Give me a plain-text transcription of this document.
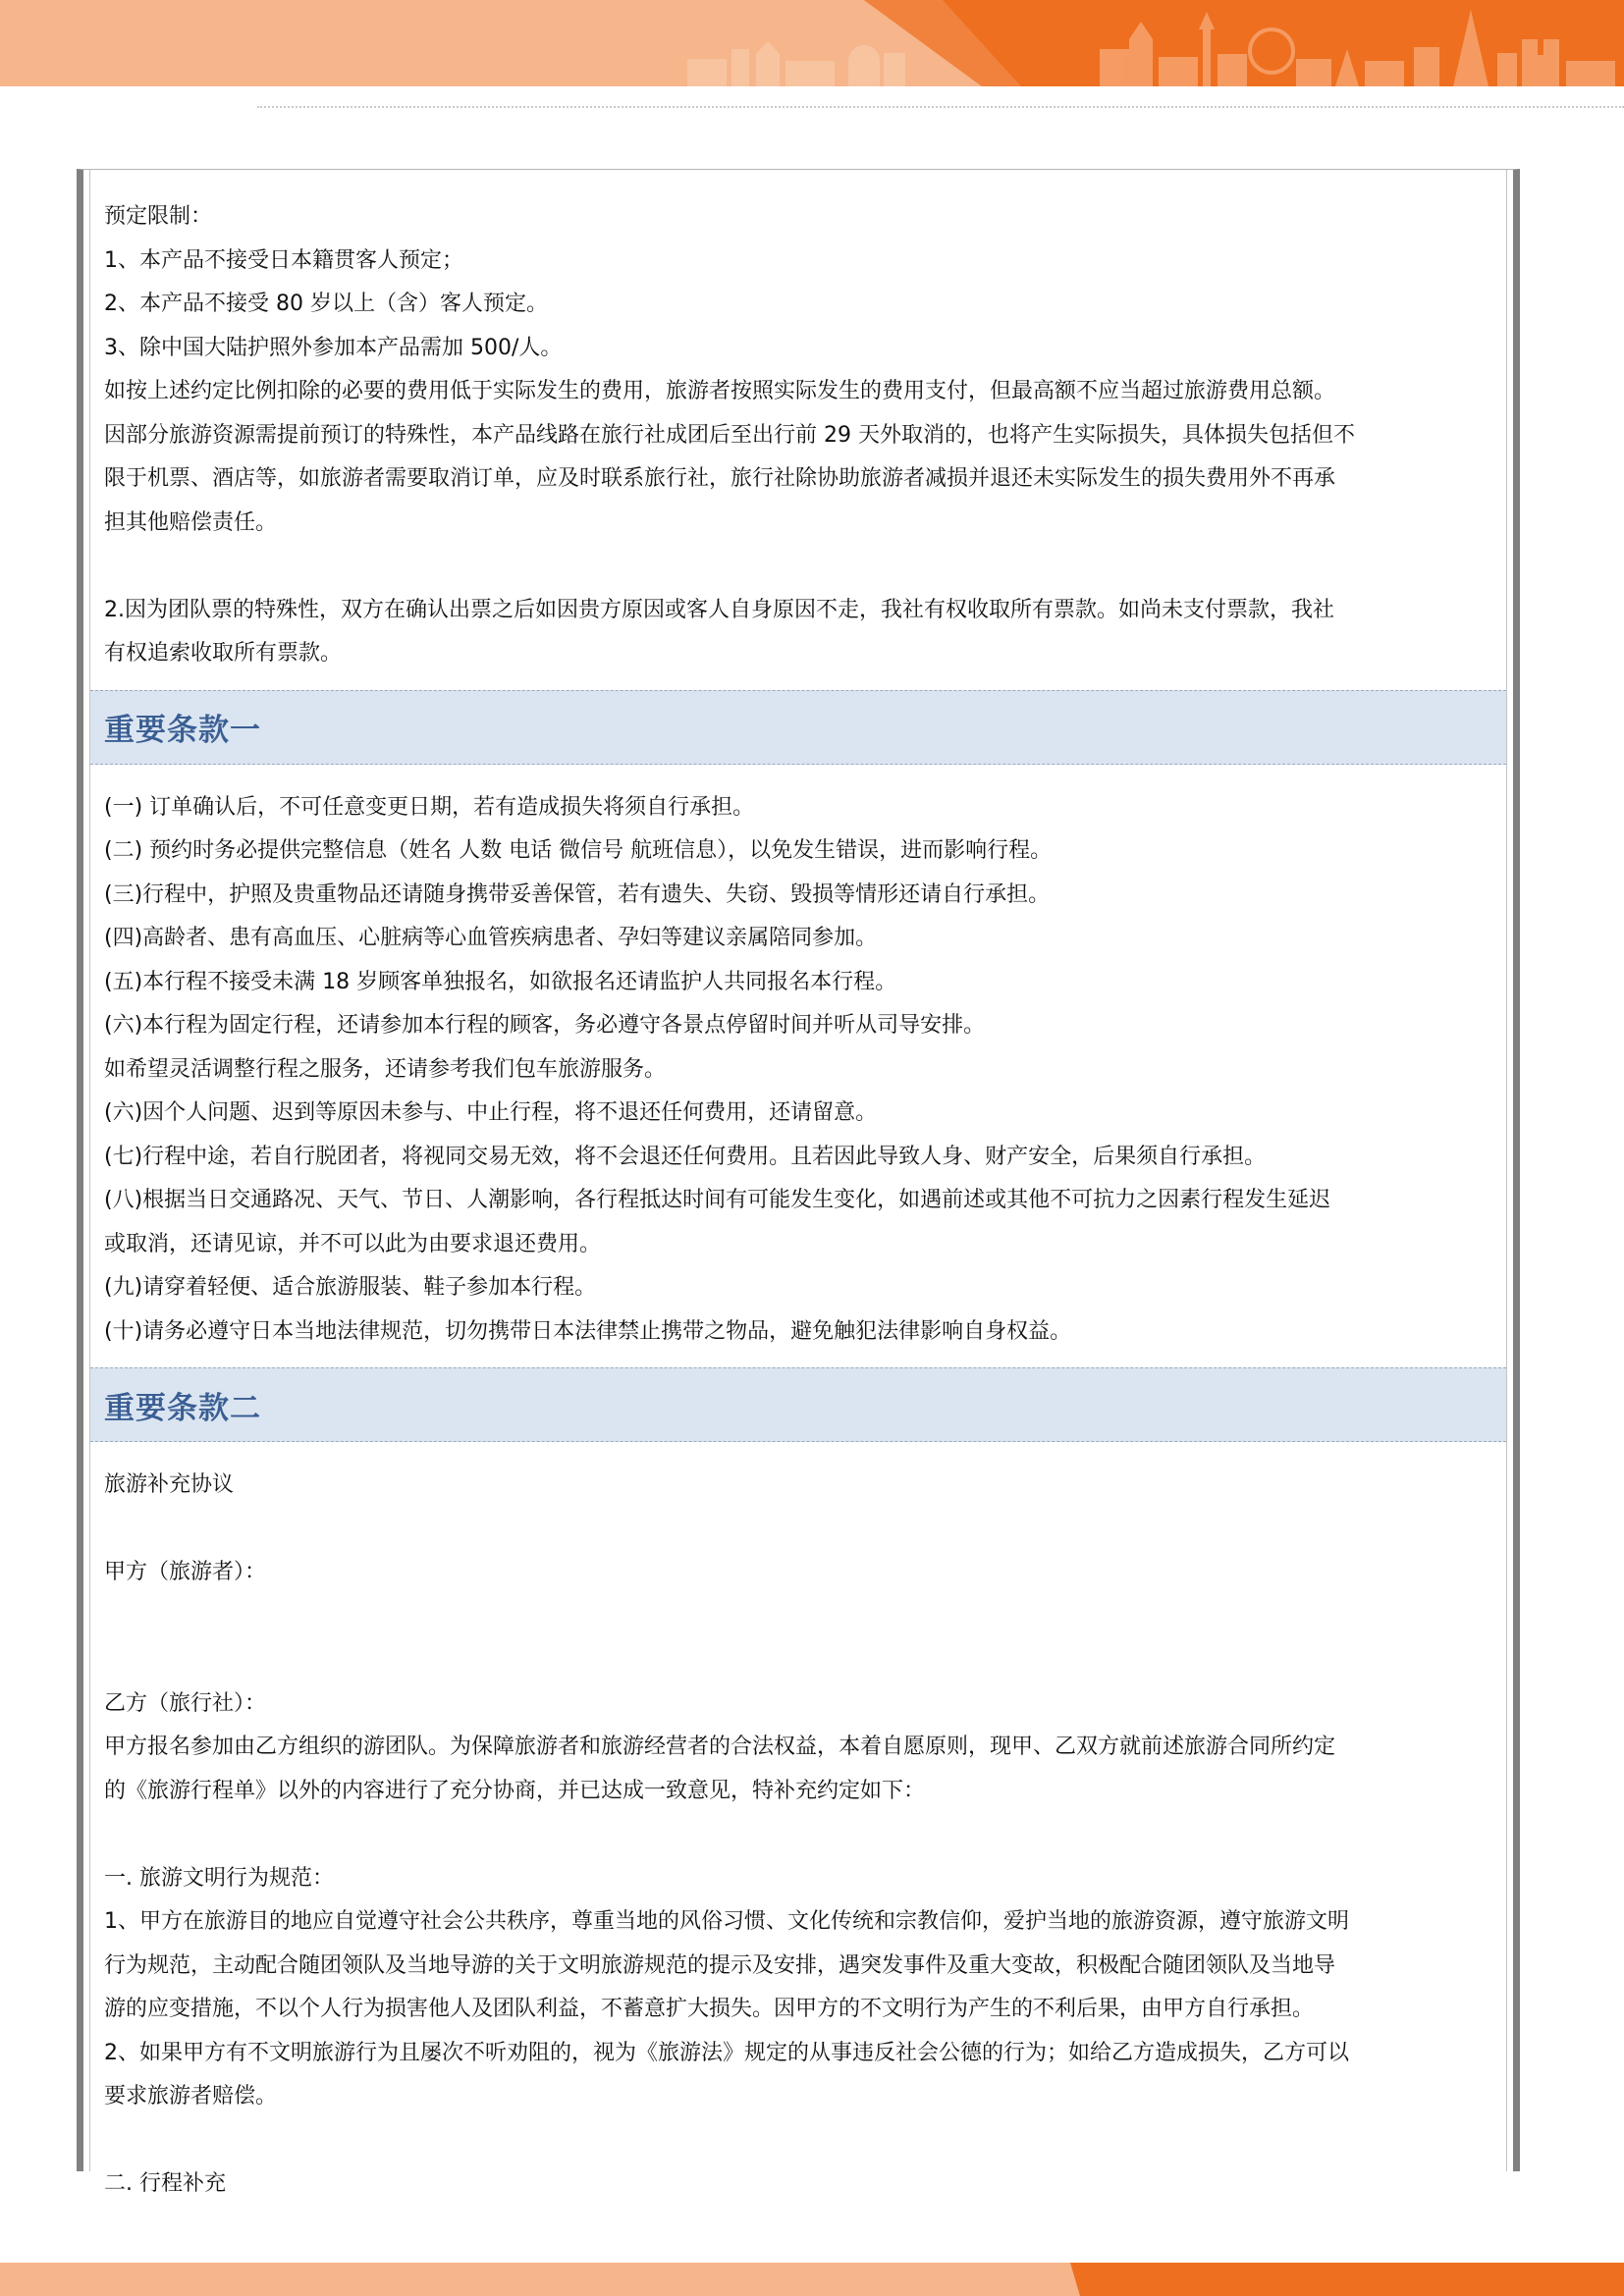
预定限制：

1、本产品不接受日本籍贯客人预定；

2、本产品不接受 80 岁以上（含）客人预定。

3、除中国大陆护照外参加本产品需加 500/人。

如按上述约定比例扣除的必要的费用低于实际发生的费用，旅游者按照实际发生的费用支付，但最高额不应当超过旅游费用总额。

因部分旅游资源需提前预订的特殊性，本产品线路在旅行社成团后至出行前 29 天外取消的，也将产生实际损失，具体损失包括但不

限于机票、酒店等，如旅游者需要取消订单，应及时联系旅行社，旅行社除协助旅游者减损并退还未实际发生的损失费用外不再承

担其他赔偿责任。

2.因为团队票的特殊性，双方在确认出票之后如因贵方原因或客人自身原因不走，我社有权收取所有票款。如尚未支付票款，我社

有权追索收取所有票款。

重要条款一

(一) 订单确认后，不可任意变更日期，若有造成损失将须自行承担。

(二) 预约时务必提供完整信息（姓名 人数 电话 微信号 航班信息），以免发生错误，进而影响行程。

(三)行程中，护照及贵重物品还请随身携带妥善保管，若有遗失、失窃、毁损等情形还请自行承担。

(四)高龄者、患有高血压、心脏病等心血管疾病患者、孕妇等建议亲属陪同参加。

(五)本行程不接受未满 18 岁顾客单独报名，如欲报名还请监护人共同报名本行程。

(六)本行程为固定行程，还请参加本行程的顾客，务必遵守各景点停留时间并听从司导安排。

如希望灵活调整行程之服务，还请参考我们包车旅游服务。

(六)因个人问题、迟到等原因未参与、中止行程，将不退还任何费用，还请留意。

(七)行程中途，若自行脱团者，将视同交易无效，将不会退还任何费用。且若因此导致人身、财产安全，后果须自行承担。

(八)根据当日交通路况、天气、节日、人潮影响，各行程抵达时间有可能发生变化，如遇前述或其他不可抗力之因素行程发生延迟

或取消，还请见谅，并不可以此为由要求退还费用。

(九)请穿着轻便、适合旅游服装、鞋子参加本行程。

(十)请务必遵守日本当地法律规范，切勿携带日本法律禁止携带之物品，避免触犯法律影响自身权益。

重要条款二

旅游补充协议

甲方（旅游者）：

乙方（旅行社）：

甲方报名参加由乙方组织的游团队。为保障旅游者和旅游经营者的合法权益，本着自愿原则，现甲、乙双方就前述旅游合同所约定

的《旅游行程单》以外的内容进行了充分协商，并已达成一致意见，特补充约定如下：

一. 旅游文明行为规范：

1、甲方在旅游目的地应自觉遵守社会公共秩序，尊重当地的风俗习惯、文化传统和宗教信仰，爱护当地的旅游资源，遵守旅游文明

行为规范，主动配合随团领队及当地导游的关于文明旅游规范的提示及安排，遇突发事件及重大变故，积极配合随团领队及当地导

游的应变措施，不以个人行为损害他人及团队利益，不蓄意扩大损失。因甲方的不文明行为产生的不利后果，由甲方自行承担。

2、如果甲方有不文明旅游行为且屡次不听劝阻的，视为《旅游法》规定的从事违反社会公德的行为；如给乙方造成损失，乙方可以

要求旅游者赔偿。

二. 行程补充
